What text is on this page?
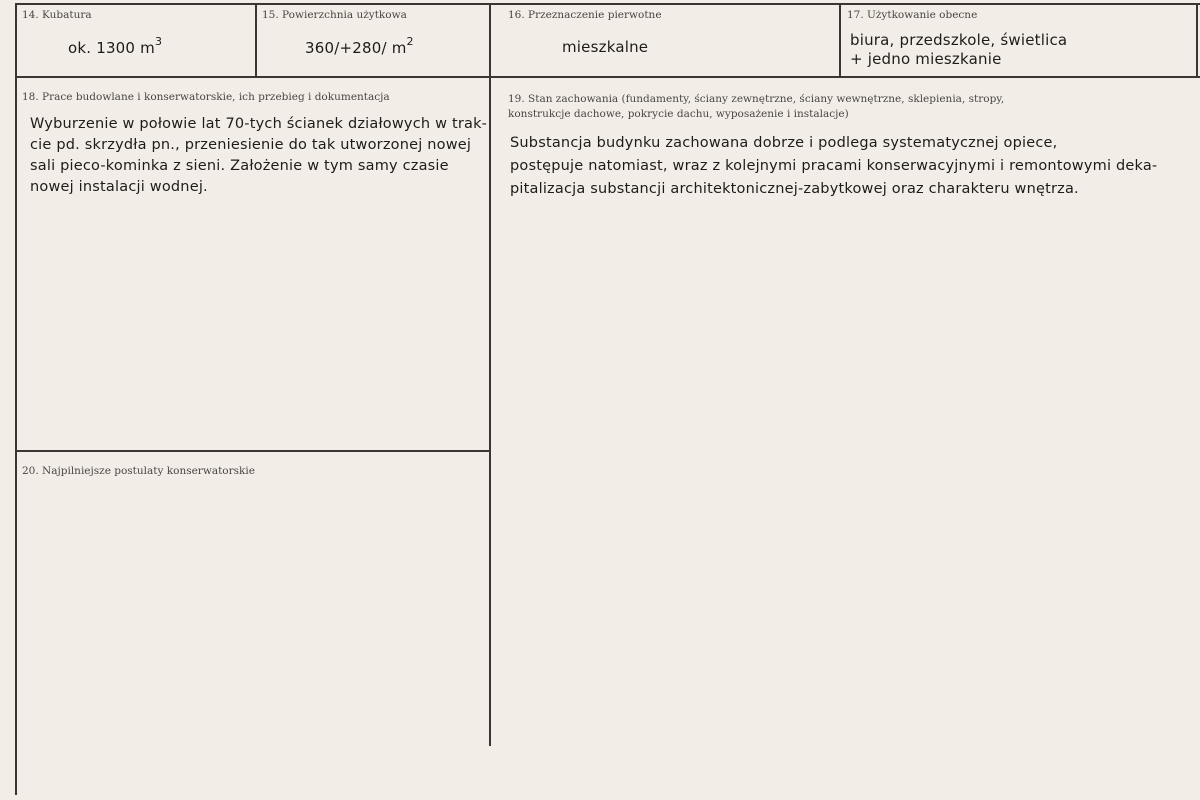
14. Kubatura
ok. 1300 $m^3$
15. Powierzchnia użytkowa
360/+280/ $m^2$
16. Przeznaczenie pierwotne
mieszkalne
17. Użytkowanie obecne
biura, przedszkole, świetlica
+ jedno mieszkanie
18. Prace budowlane i konserwatorskie, ich przebieg i dokumentacja
Wyburzenie w połowie lat 70-tych ścianek działowych w trak-
cie pd. skrzydła pn., przeniesienie do tak utworzonej nowej
sali pieco-kominka z sieni. Założenie w tym samy czasie
nowej instalacji wodnej.
19. Stan zachowania (fundamenty, ściany zewnętrzne, ściany wewnętrzne, sklepienia, stropy,
konstrukcje dachowe, pokrycie dachu, wyposażenie i instalacje)
Substancja budynku zachowana dobrze i podlega systematycznej opiece,
postępuje natomiast, wraz z kolejnymi pracami konserwacyjnymi i remontowymi deka-
pitalizacja substancji architektonicznej-zabytkowej oraz charakteru wnętrza.
20. Najpilniejsze postulaty konserwatorskie
